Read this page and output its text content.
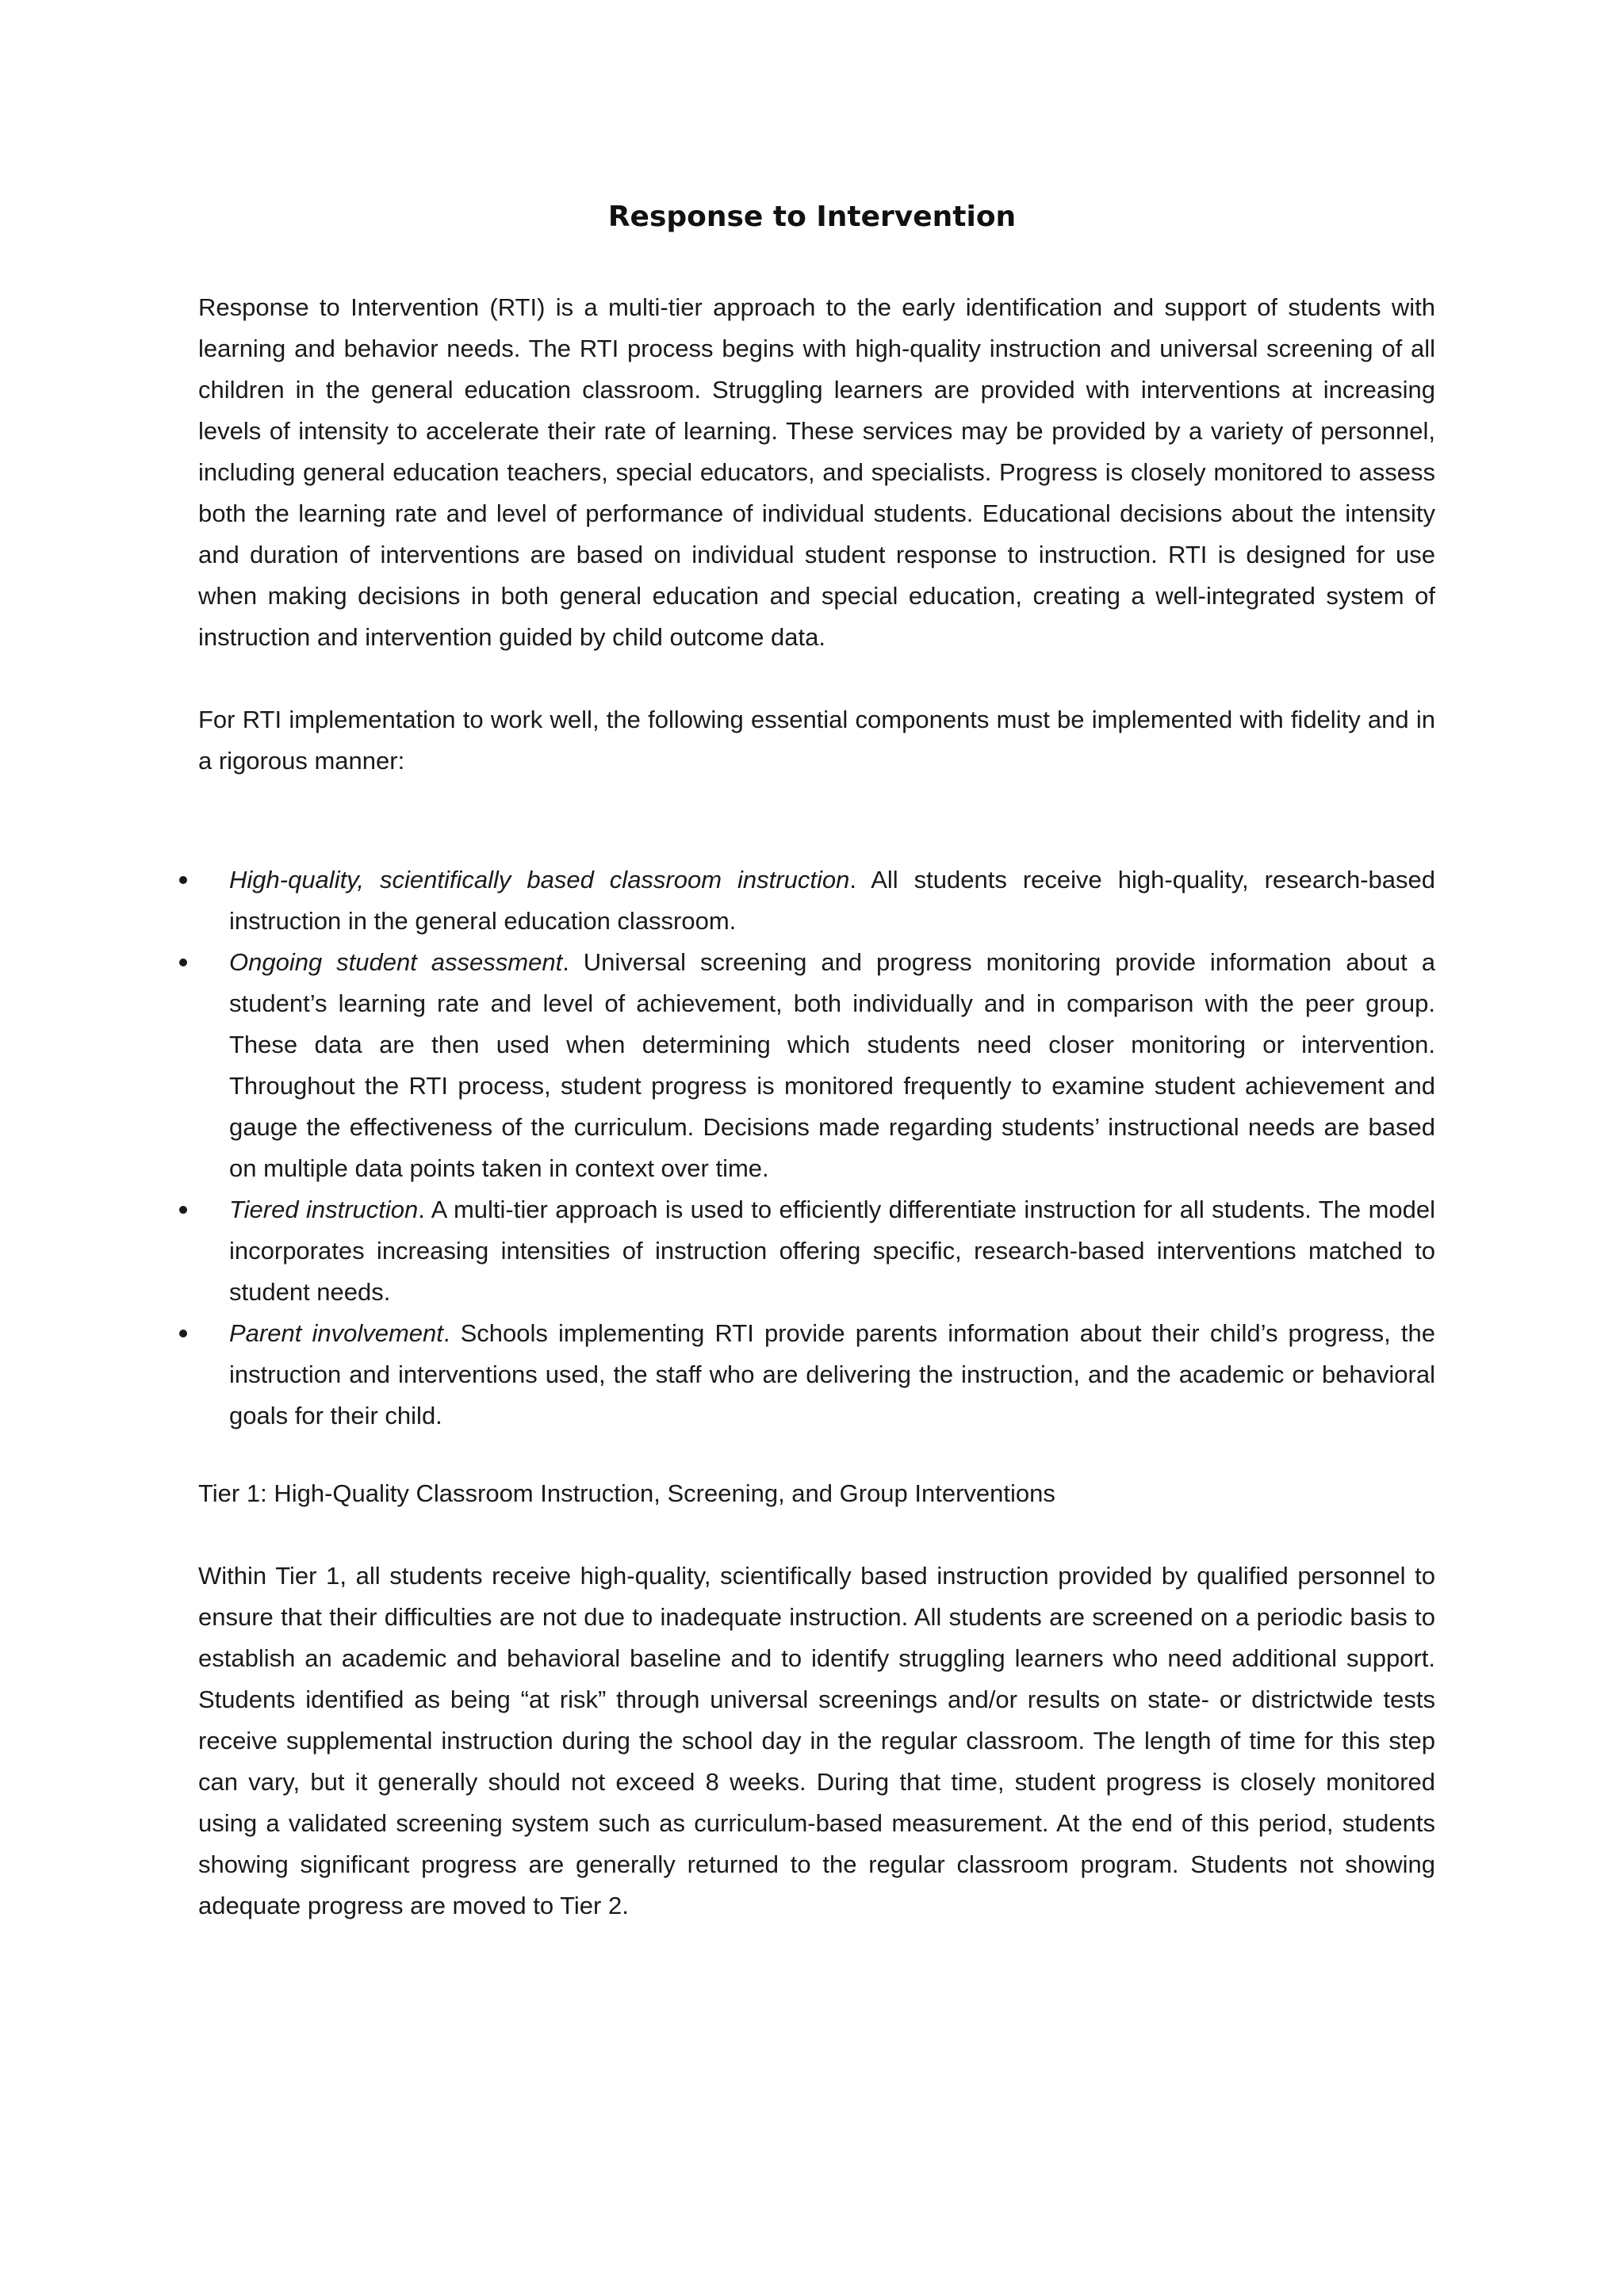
Response to Intervention

Response to Intervention (RTI) is a multi-tier approach to the early identification and support of students with learning and behavior needs. The RTI process begins with high-quality instruction and universal screening of all children in the general education classroom. Struggling learners are provided with interventions at increasing levels of intensity to accelerate their rate of learning. These services may be provided by a variety of personnel, including general education teachers, special educators, and specialists. Progress is closely monitored to assess both the learning rate and level of performance of individual students. Educational decisions about the intensity and duration of interventions are based on individual student response to instruction. RTI is designed for use when making decisions in both general education and special education, creating a well-integrated system of instruction and intervention guided by child outcome data.

For RTI implementation to work well, the following essential components must be implemented with fidelity and in a rigorous manner:

High-quality, scientifically based classroom instruction. All students receive high-quality, research-based instruction in the general education classroom.

Ongoing student assessment. Universal screening and progress monitoring provide information about a student’s learning rate and level of achievement, both individually and in comparison with the peer group. These data are then used when determining which students need closer monitoring or intervention. Throughout the RTI process, student progress is monitored frequently to examine student achievement and gauge the effectiveness of the curriculum. Decisions made regarding students’ instructional needs are based on multiple data points taken in context over time.

Tiered instruction. A multi-tier approach is used to efficiently differentiate instruction for all students. The model incorporates increasing intensities of instruction offering specific, research-based interventions matched to student needs.

Parent involvement. Schools implementing RTI provide parents information about their child’s progress, the instruction and interventions used, the staff who are delivering the instruction, and the academic or behavioral goals for their child.

Tier 1: High-Quality Classroom Instruction, Screening, and Group Interventions

Within Tier 1, all students receive high-quality, scientifically based instruction provided by qualified personnel to ensure that their difficulties are not due to inadequate instruction. All students are screened on a periodic basis to establish an academic and behavioral baseline and to identify struggling learners who need additional support. Students identified as being “at risk” through universal screenings and/or results on state- or districtwide tests receive supplemental instruction during the school day in the regular classroom. The length of time for this step can vary, but it generally should not exceed 8 weeks. During that time, student progress is closely monitored using a validated screening system such as curriculum-based measurement. At the end of this period, students showing significant progress are generally returned to the regular classroom program. Students not showing adequate progress are moved to Tier 2.
